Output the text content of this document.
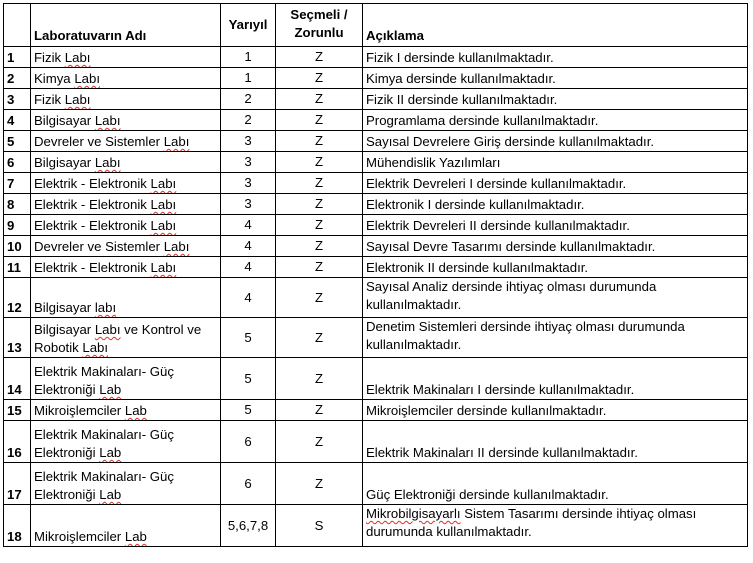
	Laboratuvarın Adı	Yarıyıl	Seçmeli / Zorunlu	Açıklama
1	Fizik Labı	1	Z	Fizik I dersinde kullanılmaktadır.
2	Kimya Labı	1	Z	Kimya dersinde kullanılmaktadır.
3	Fizik Labı	2	Z	Fizik II dersinde kullanılmaktadır.
4	Bilgisayar Labı	2	Z	Programlama dersinde kullanılmaktadır.
5	Devreler ve Sistemler Labı	3	Z	Sayısal Devrelere Giriş dersinde kullanılmaktadır.
6	Bilgisayar Labı	3	Z	Mühendislik Yazılımları
7	Elektrik - Elektronik Labı	3	Z	Elektrik Devreleri I dersinde kullanılmaktadır.
8	Elektrik - Elektronik Labı	3	Z	Elektronik I dersinde kullanılmaktadır.
9	Elektrik - Elektronik Labı	4	Z	Elektrik Devreleri II dersinde kullanılmaktadır.
10	Devreler ve Sistemler Labı	4	Z	Sayısal Devre Tasarımı dersinde kullanılmaktadır.
11	Elektrik - Elektronik Labı	4	Z	Elektronik II dersinde kullanılmaktadır.
12	Bilgisayar labı	4	Z	Sayısal Analiz dersinde ihtiyaç olması durumunda kullanılmaktadır.
13	Bilgisayar Labı ve Kontrol ve Robotik Labı	5	Z	Denetim Sistemleri dersinde ihtiyaç olması durumunda kullanılmaktadır.
14	Elektrik Makinaları- Güç Elektroniği Lab	5	Z	Elektrik Makinaları I dersinde kullanılmaktadır.
15	Mikroişlemciler Lab	5	Z	Mikroişlemciler dersinde kullanılmaktadır.
16	Elektrik Makinaları- Güç Elektroniği Lab	6	Z	Elektrik Makinaları II dersinde kullanılmaktadır.
17	Elektrik Makinaları- Güç Elektroniği Lab	6	Z	Güç Elektroniği dersinde kullanılmaktadır.
18	Mikroişlemciler Lab	5,6,7,8	S	Mikrobilgisayarlı Sistem Tasarımı dersinde ihtiyaç olması durumunda kullanılmaktadır.
